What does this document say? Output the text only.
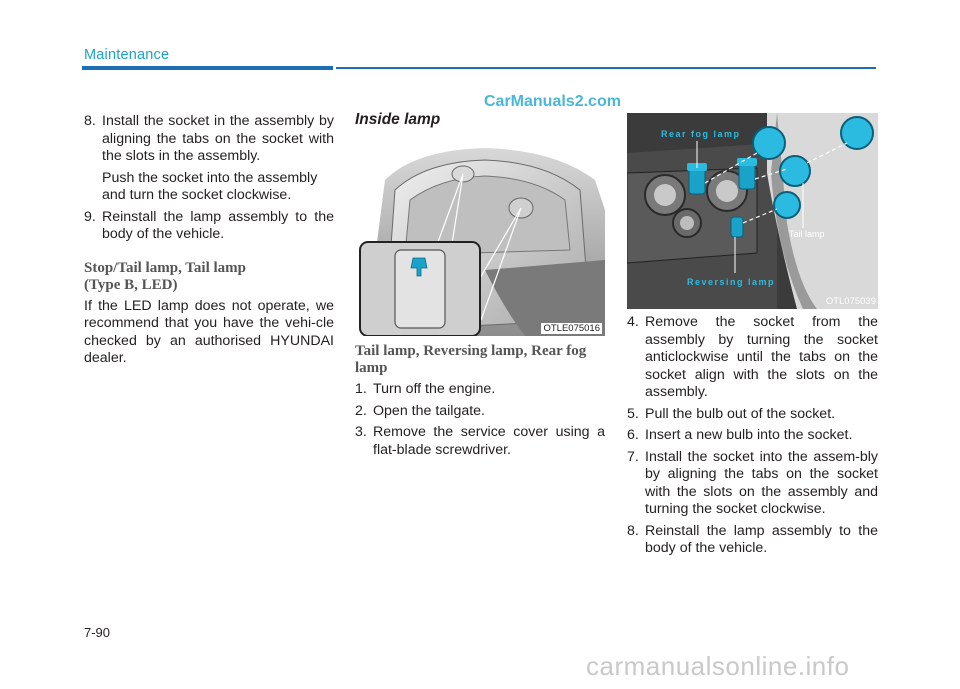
Maintenance
CarManuals2.com
8. Install the socket in the assembly by aligning the tabs on the socket with the slots in the assembly.
Push the socket into the assembly and turn the socket clockwise.
9. Reinstall the lamp assembly to the body of the vehicle.
Stop/Tail lamp, Tail lamp
(Type B, LED)
If the LED lamp does not operate, we recommend that you have the vehi-cle checked by an authorised HYUNDAI dealer.
Inside lamp
OTLE075016
Tail lamp, Reversing lamp, Rear fog lamp
1. Turn off the engine.
2. Open the tailgate.
3. Remove the service cover using a flat-blade screwdriver.
Rear fog lamp
Tail lamp
Reversing lamp
OTL075039
4. Remove the socket from the assembly by turning the socket anticlockwise until the tabs on the socket align with the slots on the assembly.
5. Pull the bulb out of the socket.
6. Insert a new bulb into the socket.
7. Install the socket into the assem-bly by aligning the tabs on the socket with the slots on the assembly and turning the socket clockwise.
8. Reinstall the lamp assembly to the body of the vehicle.
7-90
carmanualsonline.info
